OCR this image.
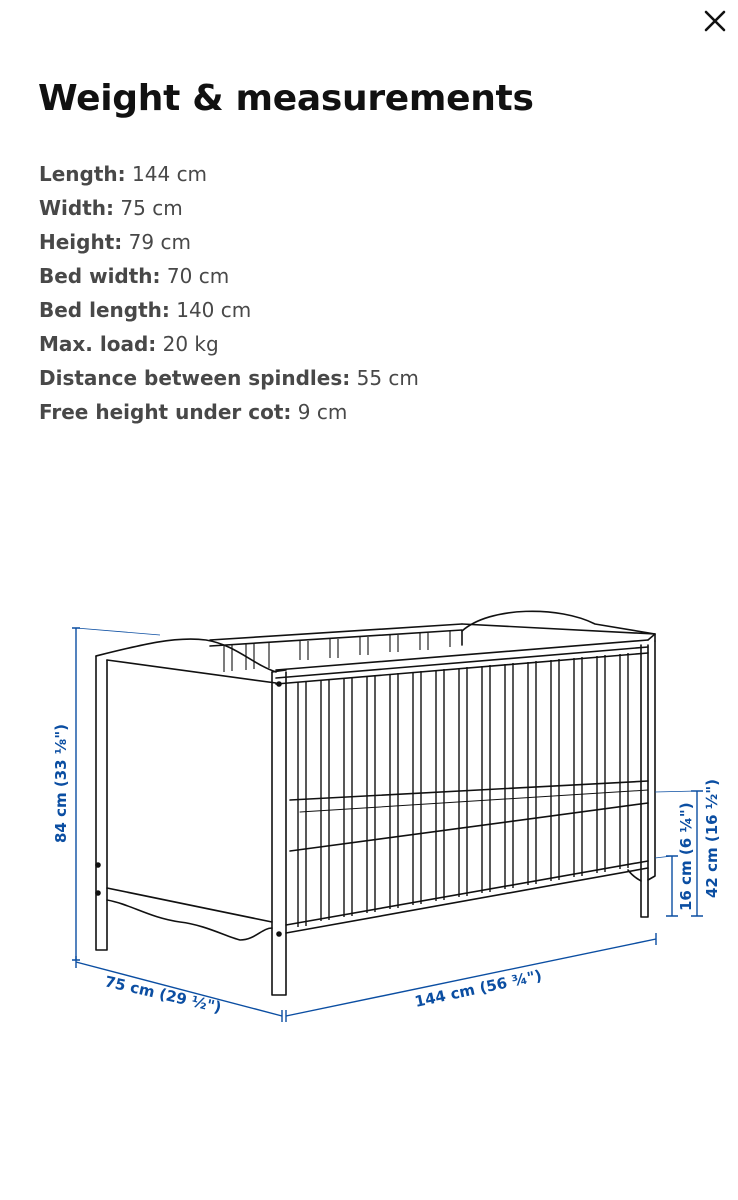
Weight & measurements
Length: 144 cm
Width: 75 cm
Height: 79 cm
Bed width: 70 cm
Bed length: 140 cm
Max. load: 20 kg
Distance between spindles: 55 cm
Free height under cot: 9 cm
84 cm (33 ⅛")
75 cm (29 ½")	144 cm (56 ¾")
16 cm (6 ¼") 42 cm (16 ½")
